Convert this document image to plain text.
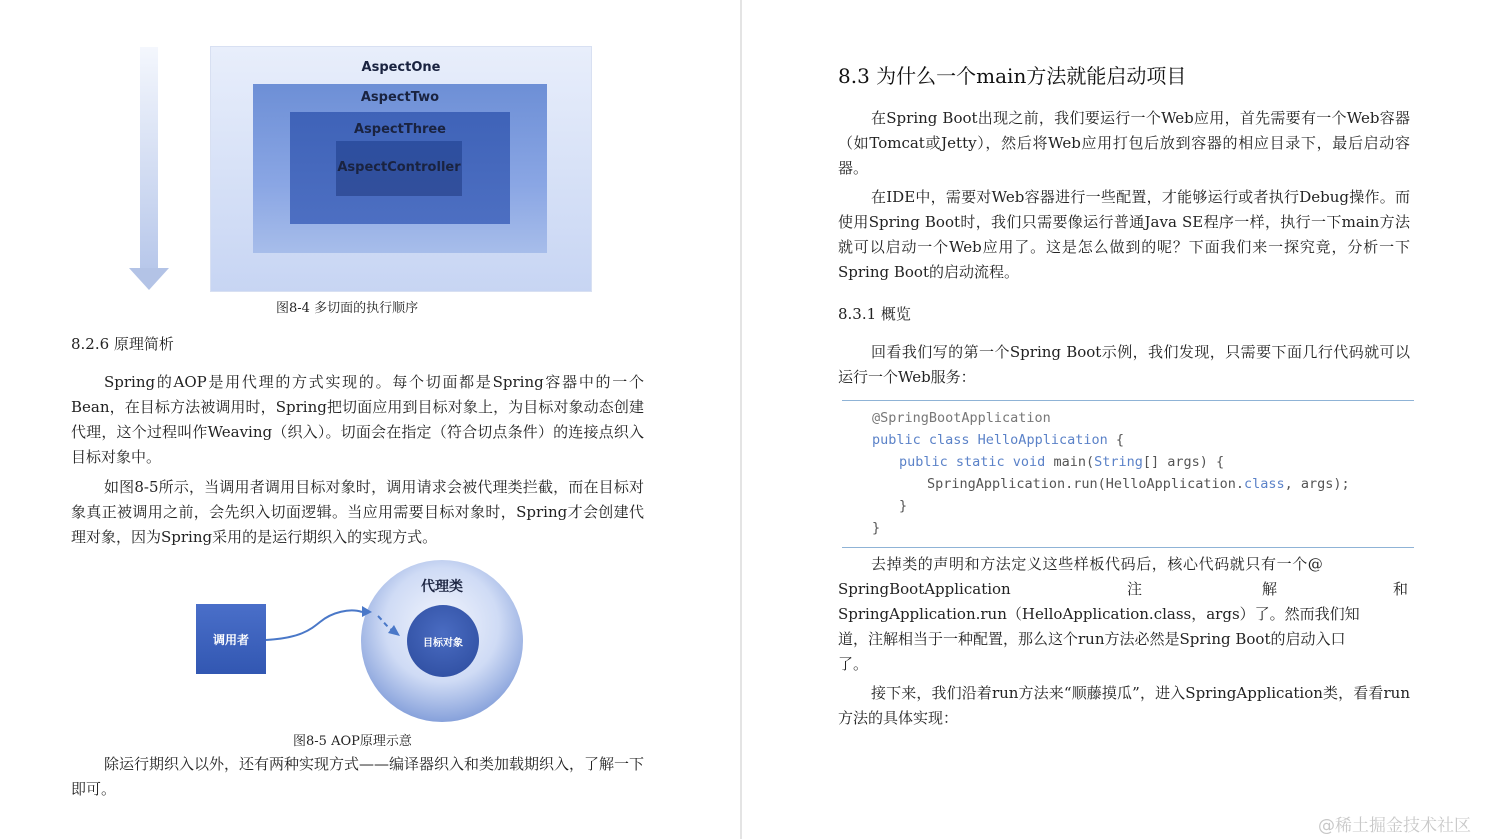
AspectOne
AspectTwo
AspectThree
AspectController
图8-4 多切面的执行顺序
8.2.6 原理简析
Spring的AOP是用代理的方式实现的。每个切面都是Spring容器中的一个Bean，在目标方法被调用时，Spring把切面应用到目标对象上，为目标对象动态创建代理，这个过程叫作Weaving（织入）。切面会在指定（符合切点条件）的连接点织入目标对象中。
如图8-5所示，当调用者调用目标对象时，调用请求会被代理类拦截，而在目标对象真正被调用之前，会先织入切面逻辑。当应用需要目标对象时，Spring才会创建代理对象，因为Spring采用的是运行期织入的实现方式。
调用者
代理类
目标对象
图8-5 AOP原理示意
除运行期织入以外，还有两种实现方式——编译器织入和类加载期织入，了解一下即可。
8.3 为什么一个main方法就能启动项目
在Spring Boot出现之前，我们要运行一个Web应用，首先需要有一个Web容器（如Tomcat或Jetty），然后将Web应用打包后放到容器的相应目录下，最后启动容器。
在IDE中，需要对Web容器进行一些配置，才能够运行或者执行Debug操作。而使用Spring Boot时，我们只需要像运行普通Java SE程序一样，执行一下main方法就可以启动一个Web应用了。这是怎么做到的呢？下面我们来一探究竟，分析一下Spring Boot的启动流程。
8.3.1 概览
回看我们写的第一个Spring Boot示例，我们发现，只需要下面几行代码就可以运行一个Web服务：
@SpringBootApplication
public class HelloApplication {
public static void main(String[] args) {
SpringApplication.run(HelloApplication.class, args);
}
}
去掉类的声明和方法定义这些样板代码后，核心代码就只有一个@
SpringBootApplication	注	解	和
SpringApplication.run（HelloApplication.class，args）了。然而我们知
道，注解相当于一种配置，那么这个run方法必然是Spring Boot的启动入口
了。
接下来，我们沿着run方法来“顺藤摸瓜”，进入SpringApplication类，看看run方法的具体实现：
@稀土掘金技术社区
